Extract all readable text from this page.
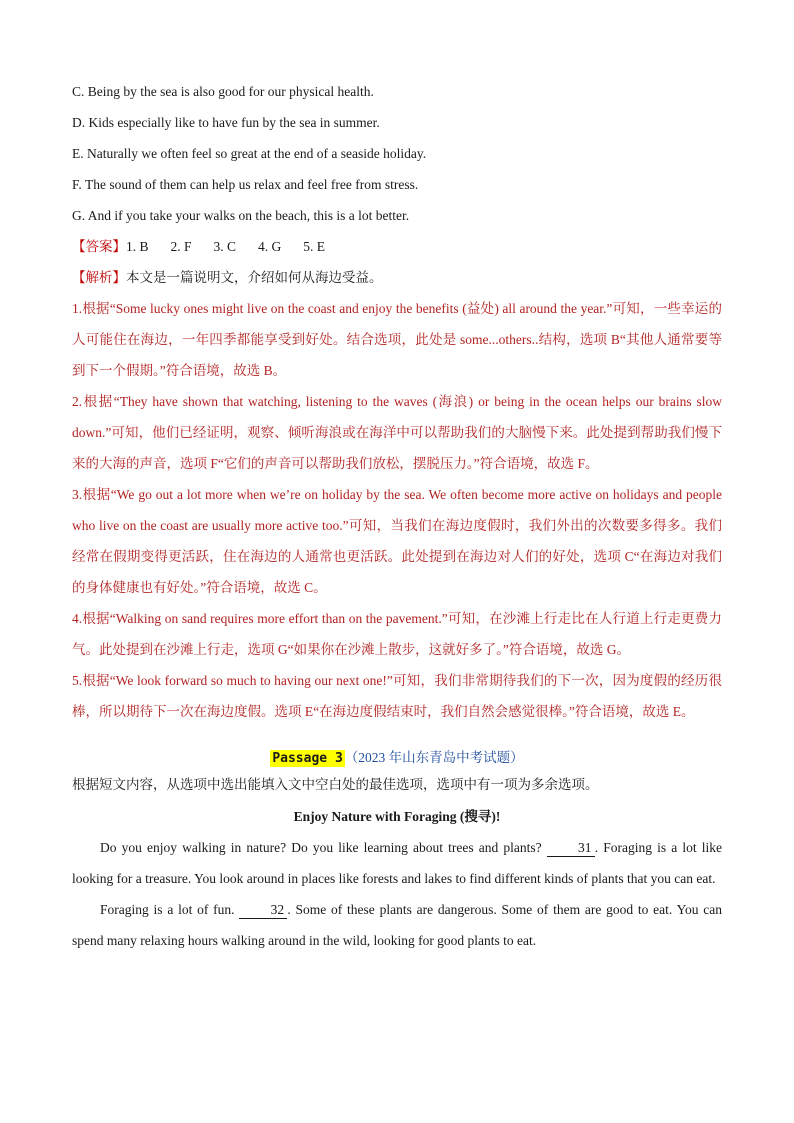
C. Being by the sea is also good for our physical health.
D. Kids especially like to have fun by the sea in summer.
E. Naturally we often feel so great at the end of a seaside holiday.
F. The sound of them can help us relax and feel free from stress.
G. And if you take your walks on the beach, this is a lot better.
【答案】1. B 2. F 3. C 4. G 5. E
【解析】本文是一篇说明文，介绍如何从海边受益。
1.根据“Some lucky ones might live on the coast and enjoy the benefits (益处) all around the year.”可知，一些幸运的人可能住在海边，一年四季都能享受到好处。结合选项，此处是 some...others..结构，选项 B“其他人通常要等到下一个假期。”符合语境，故选 B。
2.根据“They have shown that watching, listening to the waves (海浪) or being in the ocean helps our brains slow down.”可知，他们已经证明，观察、倾听海浪或在海洋中可以帮助我们的大脑慢下来。此处提到帮助我们慢下来的大海的声音，选项 F“它们的声音可以帮助我们放松，摆脱压力。”符合语境，故选 F。
3.根据“We go out a lot more when we’re on holiday by the sea. We often become more active on holidays and people who live on the coast are usually more active too.”可知，当我们在海边度假时，我们外出的次数要多得多。我们经常在假期变得更活跃，住在海边的人通常也更活跃。此处提到在海边对人们的好处，选项 C“在海边对我们的身体健康也有好处。”符合语境，故选 C。
4.根据“Walking on sand requires more effort than on the pavement.”可知，在沙滩上行走比在人行道上行走更费力气。此处提到在沙滩上行走，选项 G“如果你在沙滩上散步，这就好多了。”符合语境，故选 G。
5.根据“We look forward so much to having our next one!”可知，我们非常期待我们的下一次，因为度假的经历很棒，所以期待下一次在海边度假。选项 E“在海边度假结束时，我们自然会感觉很棒。”符合语境，故选 E。
Passage 3 （2023 年山东青岛中考试题）
根据短文内容，从选项中选出能填入文中空白处的最佳选项，选项中有一项为多余选项。
Enjoy Nature with Foraging (搜寻)!
Do you enjoy walking in nature? Do you like learning about trees and plants? 31 . Foraging is a lot like looking for a treasure. You look around in places like forests and lakes to find different kinds of plants that you can eat.
Foraging is a lot of fun. 32 . Some of these plants are dangerous. Some of them are good to eat. You can spend many relaxing hours walking around in the wild, looking for good plants to eat.
